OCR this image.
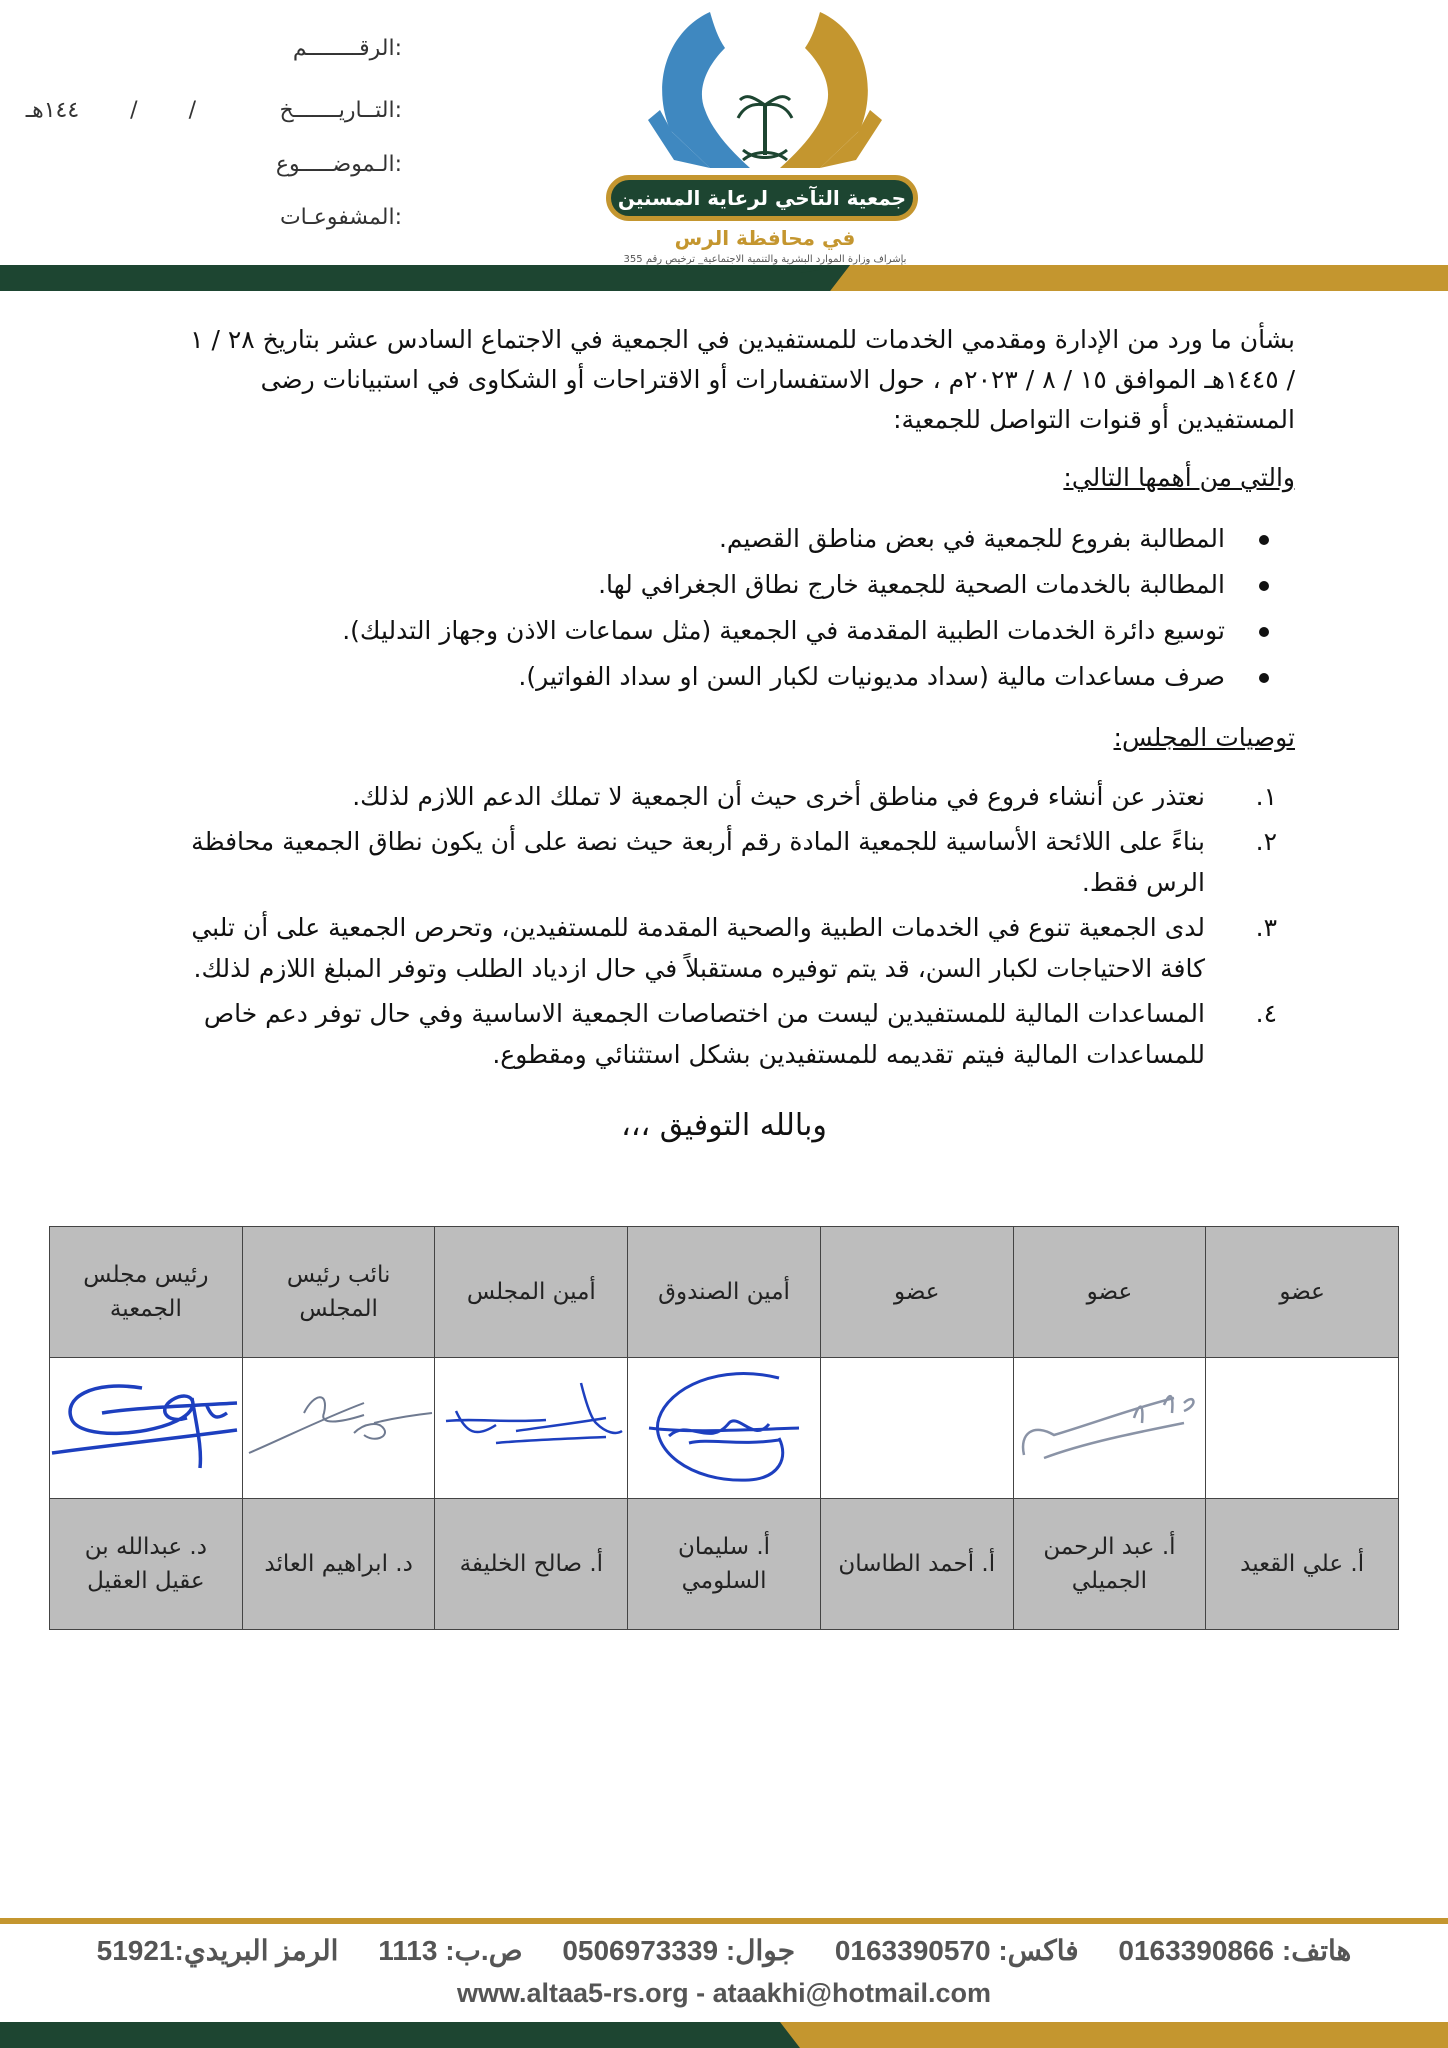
الرقــــــــم:
التــاريـــــــخ:
/ / ١٤٤هـ
الـموضـــــوع:
المشفوعـات:
جمعية التآخي لرعاية المسنين
في محافظة الرس
بإشراف وزارة الموارد البشرية والتنمية الاجتماعية_ ترخيص رقم 355

بشأن ما ورد من الإدارة ومقدمي الخدمات للمستفيدين في الجمعية في الاجتماع السادس عشر بتاريخ ٢٨ / ١ / ١٤٤٥هـ الموافق ١٥ / ٨ / ٢٠٢٣م ، حول الاستفسارات أو الاقتراحات أو الشكاوى في استبيانات رضى المستفيدين أو قنوات التواصل للجمعية:

والتي من أهمها التالي:

المطالبة بفروع للجمعية في بعض مناطق القصيم.
المطالبة بالخدمات الصحية للجمعية خارج نطاق الجغرافي لها.
توسيع دائرة الخدمات الطبية المقدمة في الجمعية (مثل سماعات الاذن وجهاز التدليك).
صرف مساعدات مالية (سداد مديونيات لكبار السن او سداد الفواتير).

توصيات المجلس:

١.
نعتذر عن أنشاء فروع في مناطق أخرى حيث أن الجمعية لا تملك الدعم اللازم لذلك.
٢.
بناءً على اللائحة الأساسية للجمعية المادة رقم أربعة حيث نصة على أن يكون نطاق الجمعية محافظة الرس فقط.
٣.
لدى الجمعية تنوع في الخدمات الطبية والصحية المقدمة للمستفيدين، وتحرص الجمعية على أن تلبي كافة الاحتياجات لكبار السن، قد يتم توفيره مستقبلاً في حال ازدياد الطلب وتوفر المبلغ اللازم لذلك.
٤.
المساعدات المالية للمستفيدين ليست من اختصاصات الجمعية الاساسية وفي حال توفر دعم خاص للمساعدات المالية فيتم تقديمه للمستفيدين بشكل استثنائي ومقطوع.
وبالله التوفيق ،،،
عضو	عضو	عضو	أمين الصندوق	أمين المجلس	نائب رئيس المجلس	رئيس مجلس الجمعية

أ. علي القعيد	أ. عبد الرحمن الجميلي	أ. أحمد الطاسان	أ. سليمان السلومي	أ. صالح الخليفة	د. ابراهيم العائد	د. عبدالله بن عقيل العقيل
هاتف: 0163390866 فاكس: 0163390570 جوال: 0506973339 ص.ب: 1113 الرمز البريدي:51921
www.altaa5-rs.org - ataakhi@hotmail.com
